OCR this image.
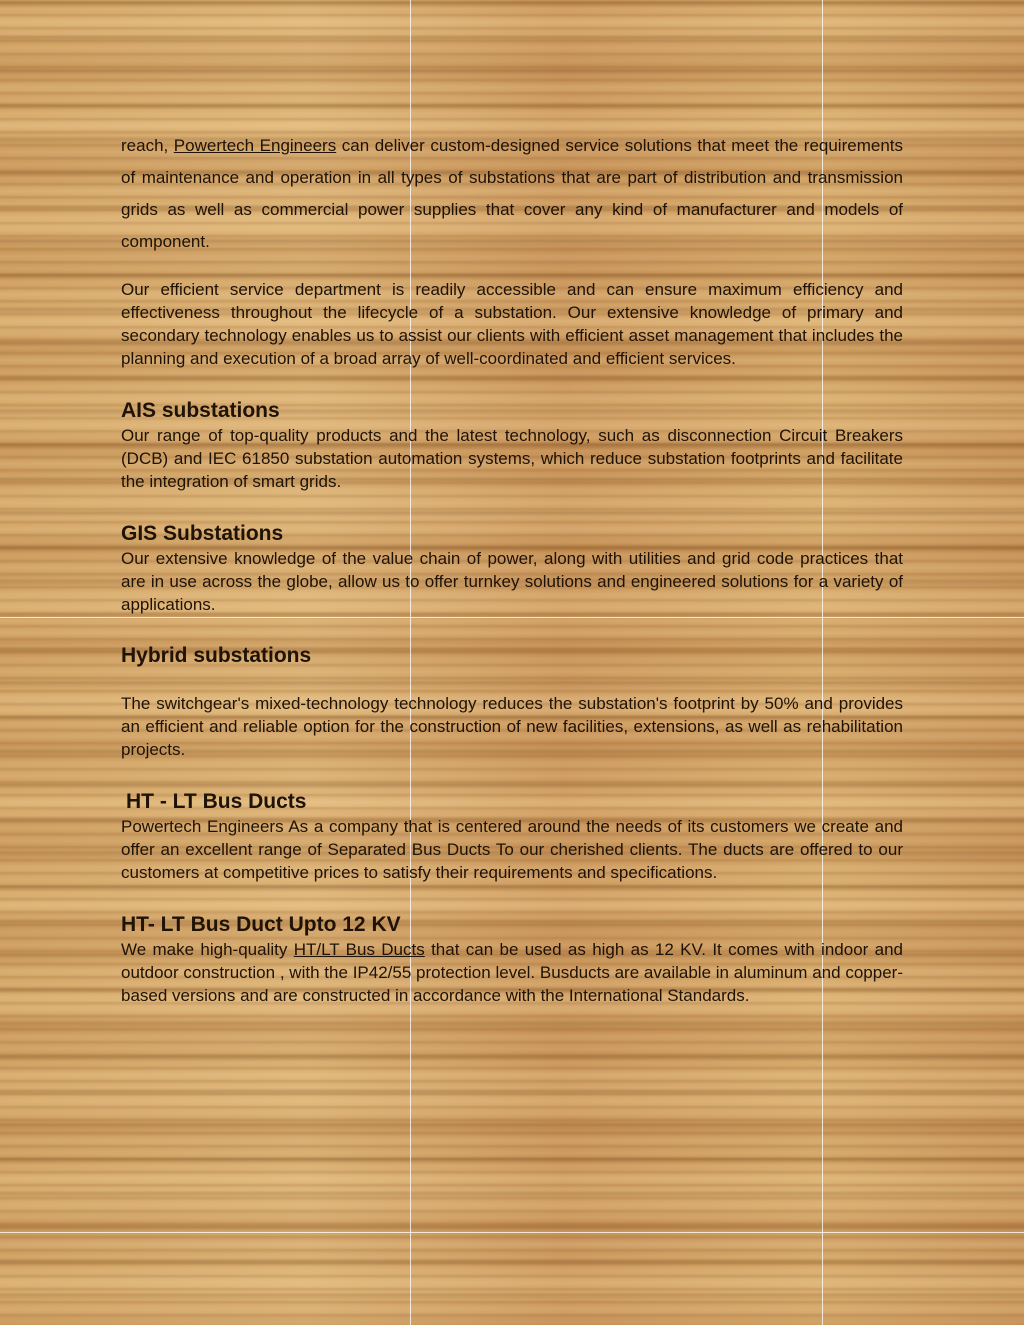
reach, Powertech Engineers can deliver custom-designed service solutions that meet the requirements of maintenance and operation in all types of substations that are part of distribution and transmission grids as well as commercial power supplies that cover any kind of manufacturer and models of component.

Our efficient service department is readily accessible and can ensure maximum efficiency and effectiveness throughout the lifecycle of a substation. Our extensive knowledge of primary and secondary technology enables us to assist our clients with efficient asset management that includes the planning and execution of a broad array of well-coordinated and efficient services.

AIS substations

Our range of top-quality products and the latest technology, such as disconnection Circuit Breakers (DCB) and IEC 61850 substation automation systems, which reduce substation footprints and facilitate the integration of smart grids.

GIS Substations

Our extensive knowledge of the value chain of power, along with utilities and grid code practices that are in use across the globe, allow us to offer turnkey solutions and engineered solutions for a variety of applications.

Hybrid substations

The switchgear's mixed-technology technology reduces the substation's footprint by 50% and provides an efficient and reliable option for the construction of new facilities, extensions, as well as rehabilitation projects.

HT - LT Bus Ducts

Powertech Engineers As a company that is centered around the needs of its customers we create and offer an excellent range of Separated Bus Ducts To our cherished clients. The ducts are offered to our customers at competitive prices to satisfy their requirements and specifications.

HT- LT Bus Duct Upto 12 KV

We make high-quality HT/LT Bus Ducts that can be used as high as 12 KV. It comes with indoor and outdoor construction , with the IP42/55 protection level. Busducts are available in aluminum and copper-based versions and are constructed in accordance with the International Standards.
